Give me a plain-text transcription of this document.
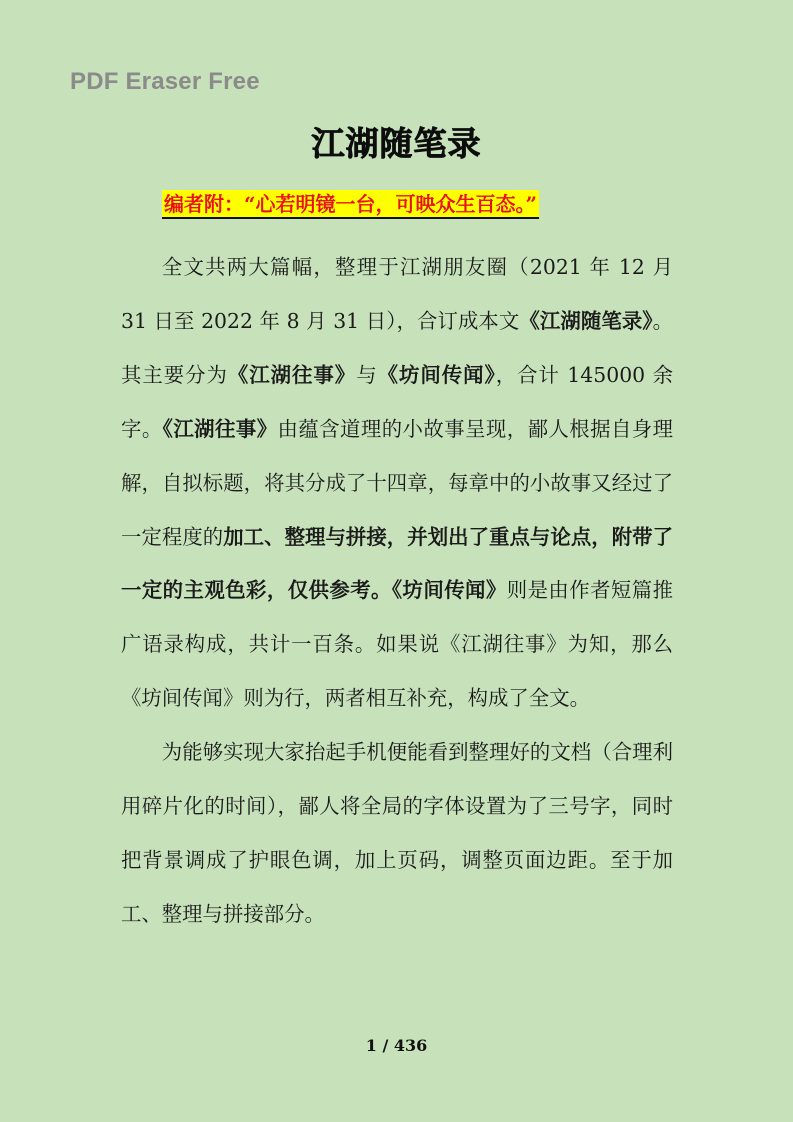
PDF Eraser Free
江湖随笔录
编者附：“心若明镜一台，可映众生百态。”

全文共两大篇幅，整理于江湖朋友圈（2021 年 12 月 31 日至 2022 年 8 月 31 日），合订成本文《江湖随笔录》。其主要分为《江湖往事》与《坊间传闻》，合计 145000 余字。《江湖往事》由蕴含道理的小故事呈现，鄙人根据自身理解，自拟标题，将其分成了十四章，每章中的小故事又经过了一定程度的加工、整理与拼接，并划出了重点与论点，附带了一定的主观色彩，仅供参考。《坊间传闻》则是由作者短篇推广语录构成，共计一百条。如果说《江湖往事》为知，那么《坊间传闻》则为行，两者相互补充，构成了全文。

为能够实现大家抬起手机便能看到整理好的文档（合理利用碎片化的时间），鄙人将全局的字体设置为了三号字，同时把背景调成了护眼色调，加上页码，调整页面边距。至于加工、整理与拼接部分。

1 / 436
